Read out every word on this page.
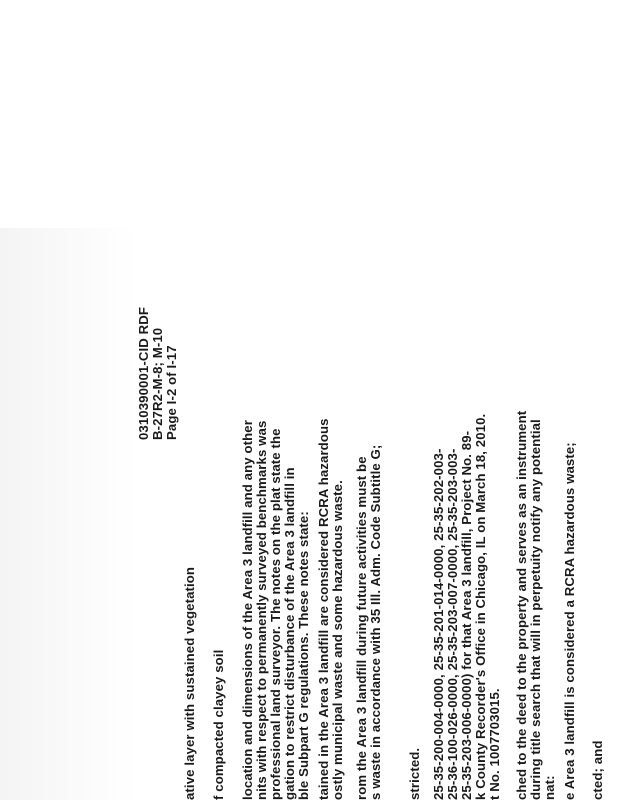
0310390001-CID RDF B-27R2-M-8; M-10 Page I-2 of I-17
ative layer with sustained vegetation f compacted clayey soil location and dimensions of the Area 3 landfill and any other nits with respect to permanently surveyed benchmarks was professional land surveyor. The notes on the plat state the gation to restrict disturbance of the Area 3 landfill in ble Subpart G regulations. These notes state: tained in the Area 3 landfill are considered RCRA hazardous ostly municipal waste and some hazardous waste. rom the Area 3 landfill during future activities must be s waste in accordance with 35 Ill. Adm. Code Subtitle G; stricted. 25-35-200-004-0000, 25-35-201-014-0000, 25-35-202-003- 25-36-100-026-0000, 25-35-203-007-0000, 25-35-203-003- 25-35-203-006-0000) for that Area 3 landfill, Project No. 89- k County Recorder's Office in Chicago, IL on March 18, 2010. t No. 1007703015. ched to the deed to the property and serves as an instrument during title search that will in perpetuity notify any potential nat: e Area 3 landfill is considered a RCRA hazardous waste; cted; and
